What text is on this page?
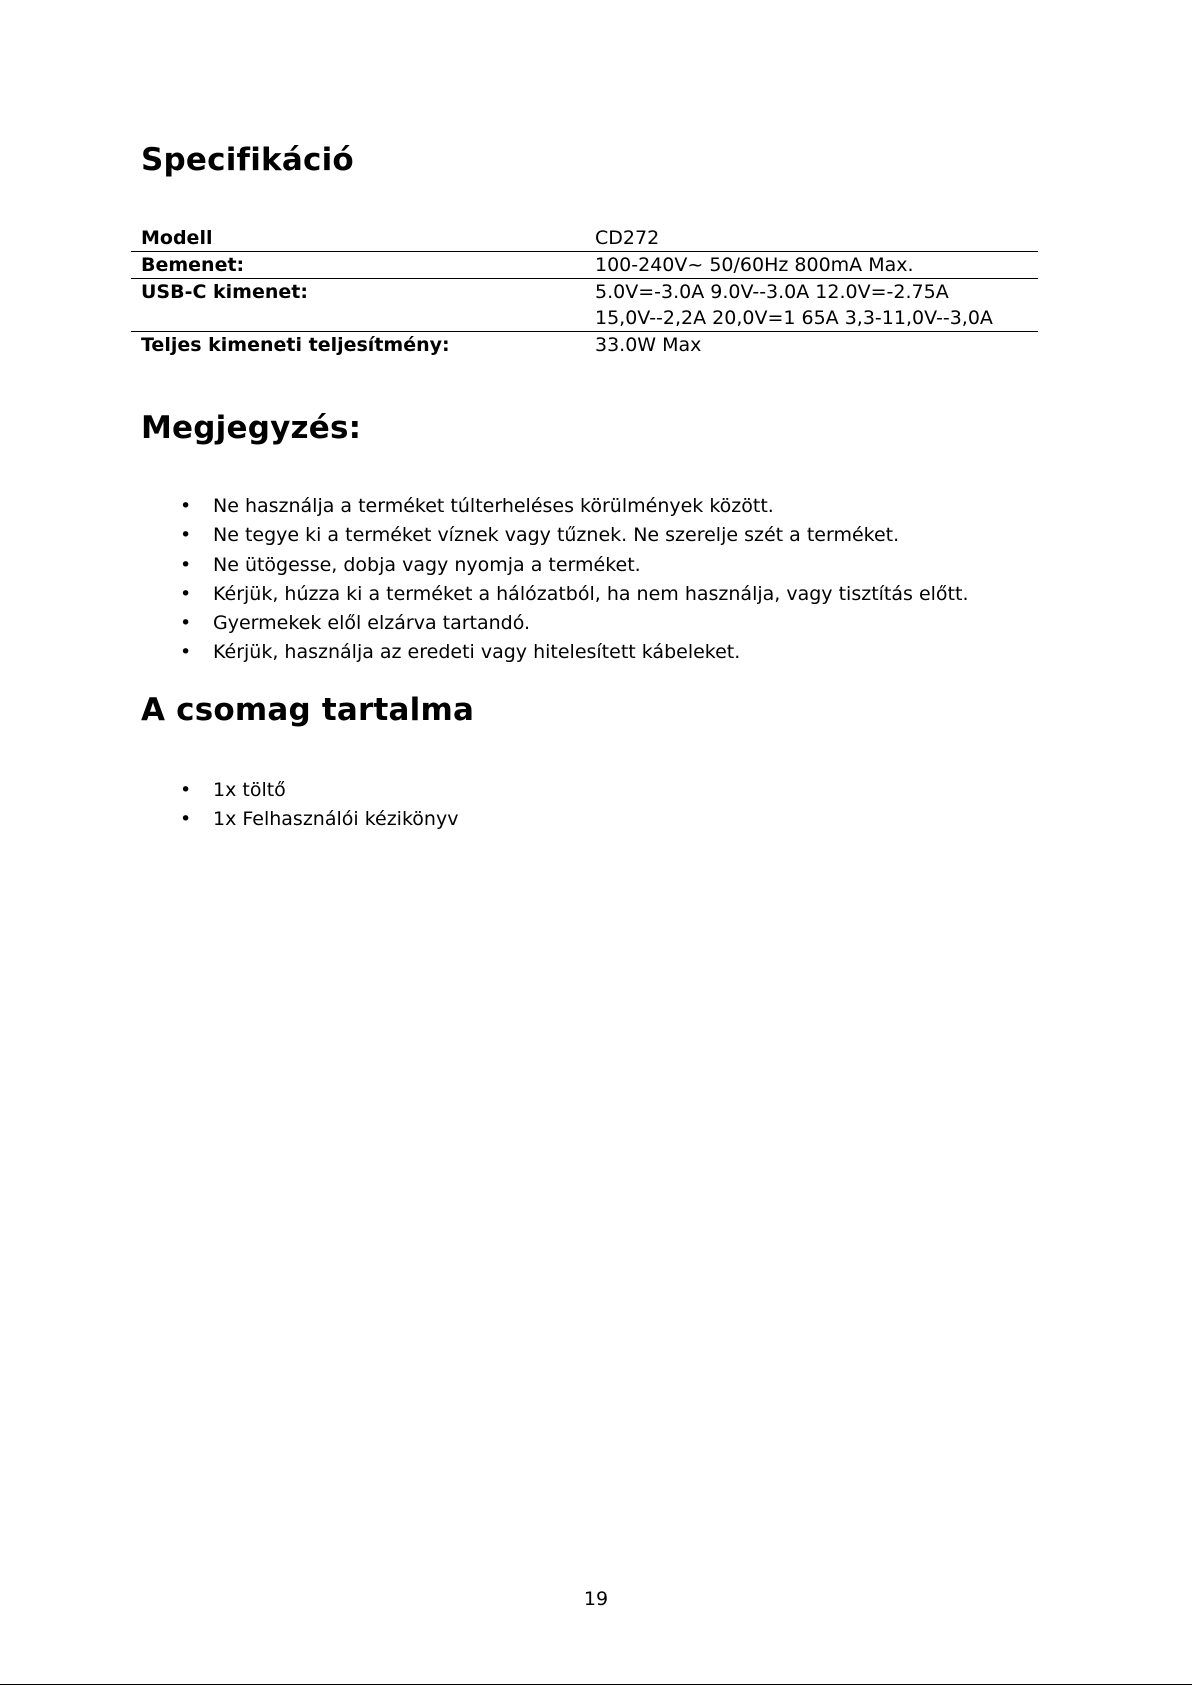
Specifikáció
Modell	CD272

Bemenet:	100-240V~ 50/60Hz 800mA Max.

USB-C kimenet:	5.0V=-3.0A 9.0V--3.0A 12.0V=-2.75A
15,0V--2,2A 20,0V=1 65A 3,3-11,0V--3,0A

Teljes kimeneti teljesítmény:	33.0W Max
Megjegyzés:
• Ne használja a terméket túlterheléses körülmények között.
• Ne tegye ki a terméket víznek vagy tűznek. Ne szerelje szét a terméket.
• Ne ütögesse, dobja vagy nyomja a terméket.
• Kérjük, húzza ki a terméket a hálózatból, ha nem használja, vagy tisztítás előtt.
• Gyermekek elől elzárva tartandó.
• Kérjük, használja az eredeti vagy hitelesített kábeleket.
A csomag tartalma
• 1x töltő
• 1x Felhasználói kézikönyv
19
